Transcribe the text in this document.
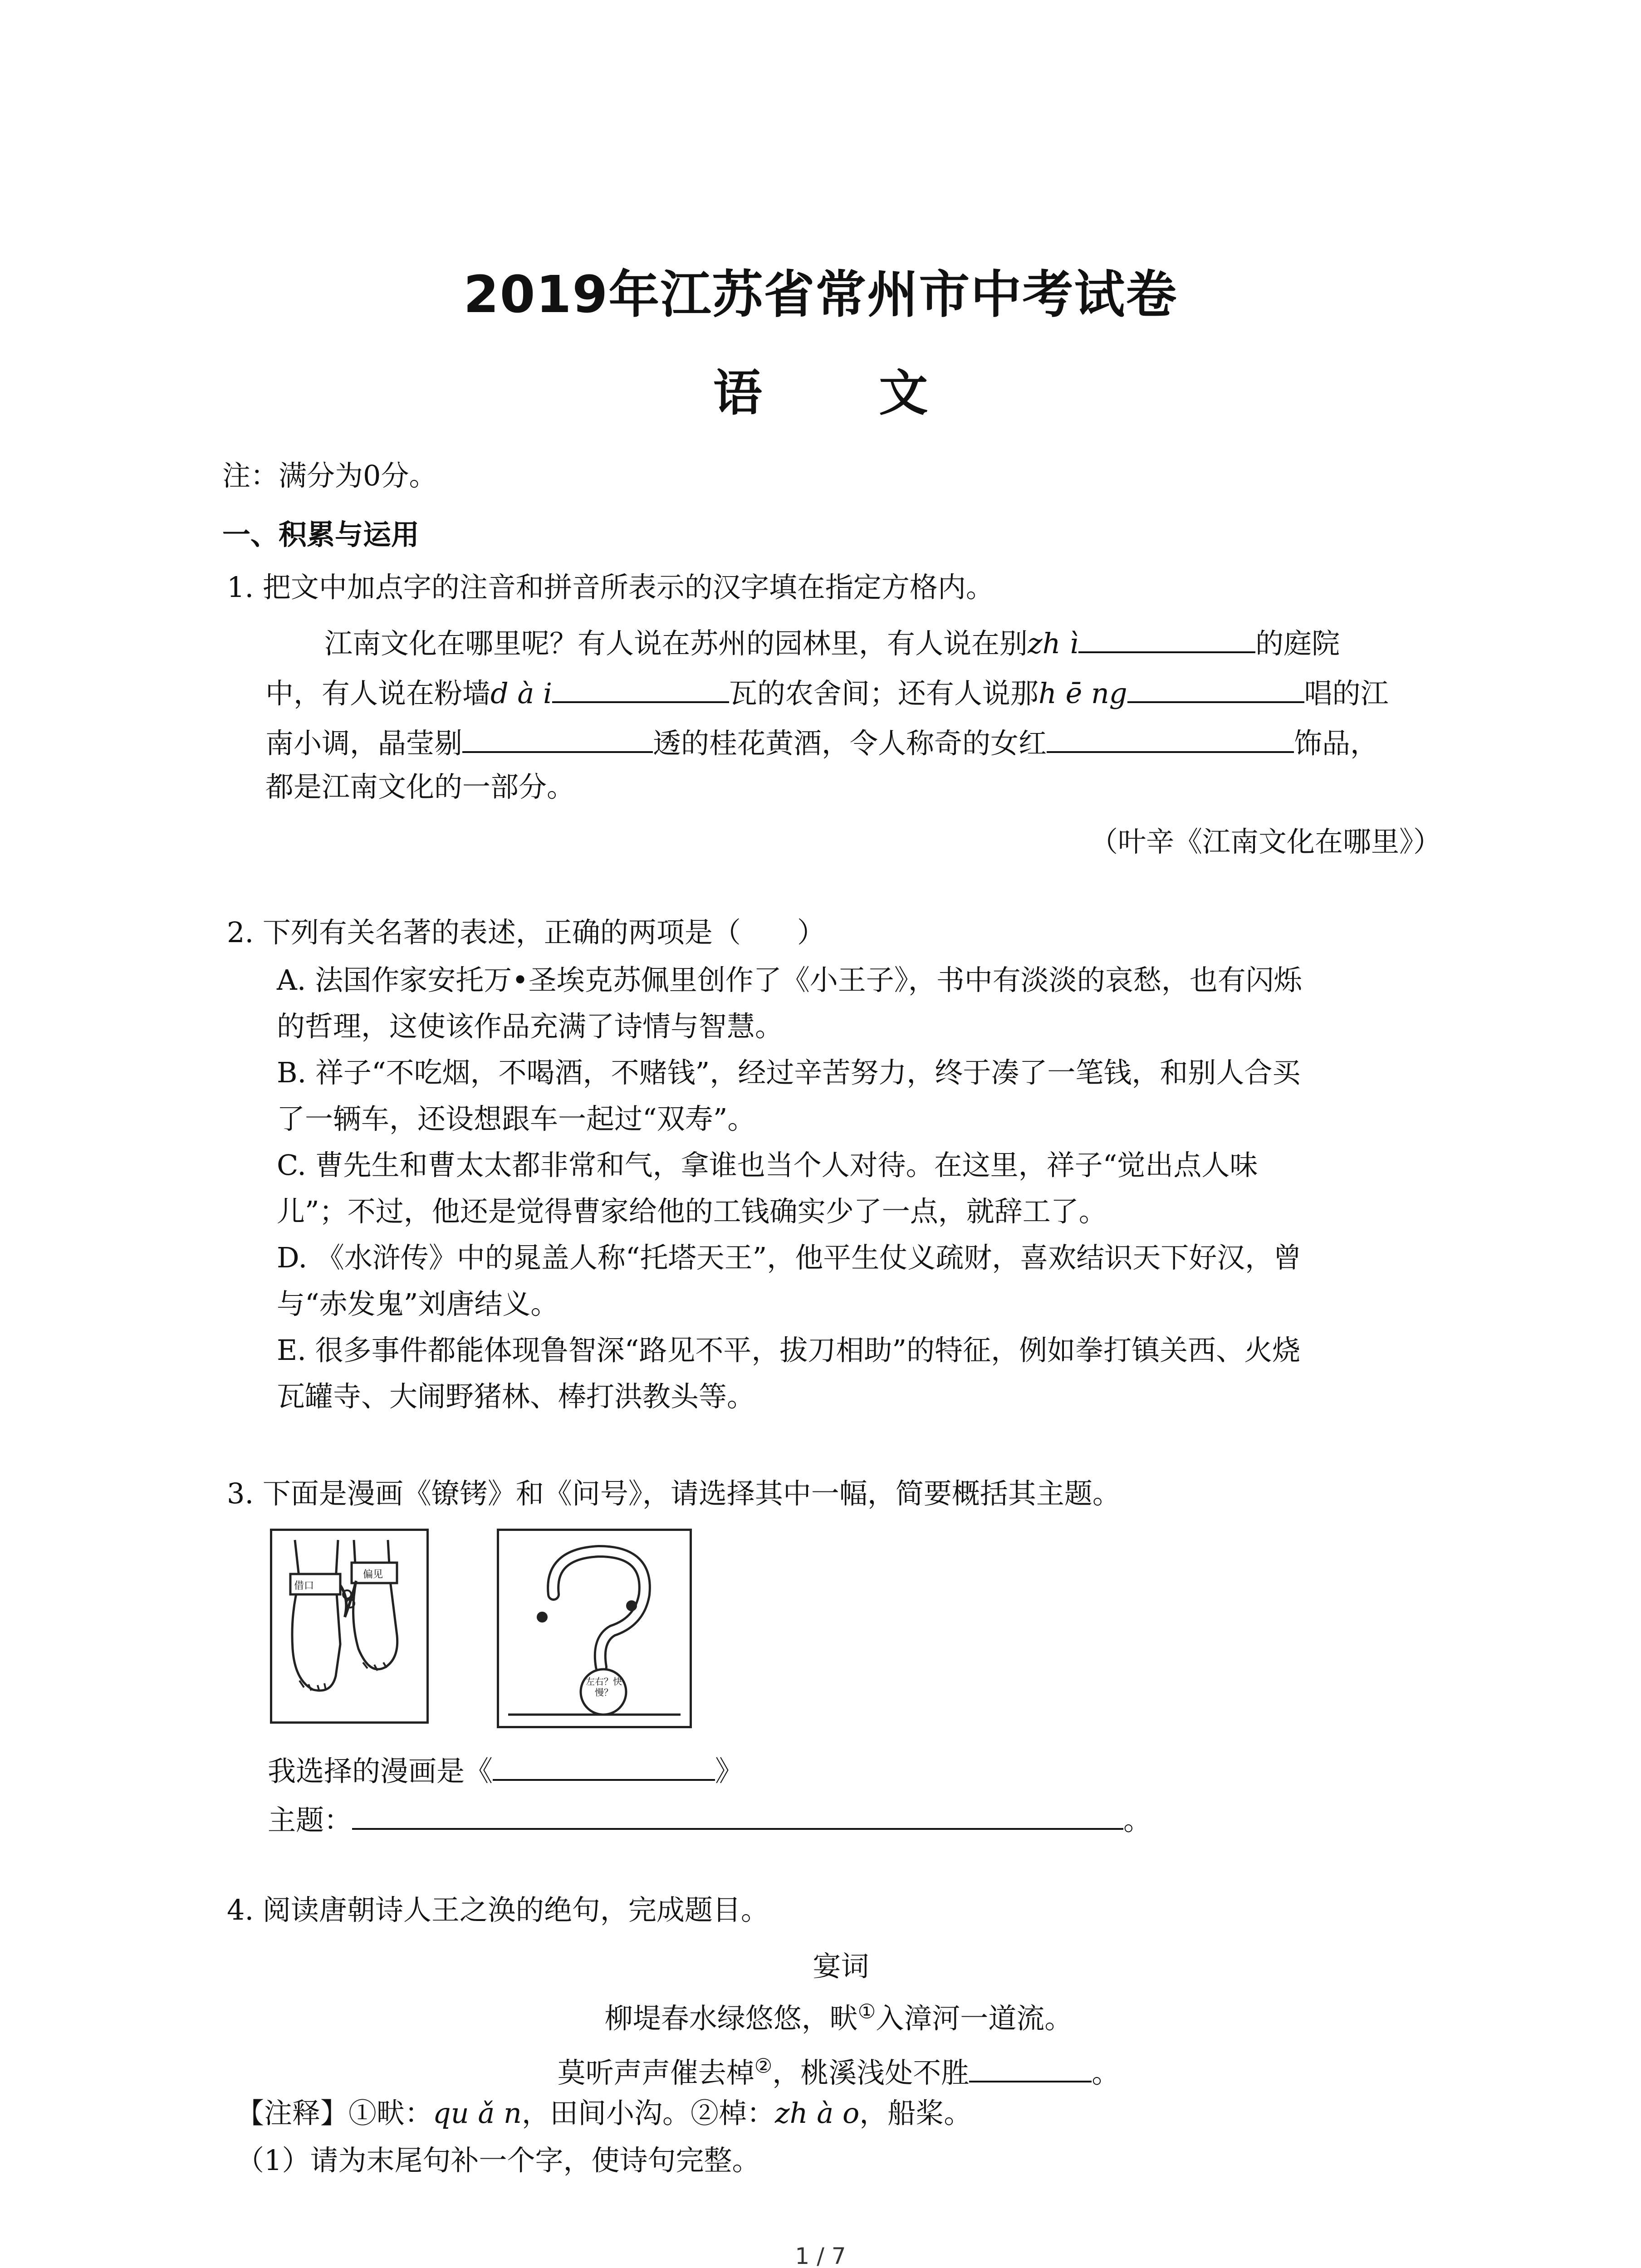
2019年江苏省常州市中考试卷
语 文
注：满分为0分。
一、积累与运用
1. 把文中加点字的注音和拼音所表示的汉字填在指定方格内。
江南文化在哪里呢？有人说在苏州的园林里，有人说在别zh ì	的庭院
中，有人说在粉墙d à i	瓦的农舍间；还有人说那h ē ng	唱的江
南小调，晶莹剔	透的桂花黄酒，令人称奇的女红	饰品，
都是江南文化的一部分。
（叶辛《江南文化在哪里》）
2. 下列有关名著的表述，正确的两项是（　　）
A. 法国作家安托万•圣埃克苏佩里创作了《小王子》，书中有淡淡的哀愁，也有闪烁
的哲理，这使该作品充满了诗情与智慧。
B. 祥子“不吃烟，不喝酒，不赌钱”，经过辛苦努力，终于凑了一笔钱，和别人合买
了一辆车，还设想跟车一起过“双寿”。
C. 曹先生和曹太太都非常和气，拿谁也当个人对待。在这里，祥子“觉出点人味
儿”；不过，他还是觉得曹家给他的工钱确实少了一点，就辞工了。
D. 《水浒传》中的晁盖人称“托塔天王”，他平生仗义疏财，喜欢结识天下好汉，曾
与“赤发鬼”刘唐结义。
E. 很多事件都能体现鲁智深“路见不平，拔刀相助”的特征，例如拳打镇关西、火烧
瓦罐寺、大闹野猪林、棒打洪教头等。
3. 下面是漫画《镣铐》和《问号》，请选择其中一幅，简要概括其主题。
借口
偏见
左右？快慢？
我选择的漫画是《	》
主题：	。
4. 阅读唐朝诗人王之涣的绝句，完成题目。
宴词
柳堤春水绿悠悠，畎①入漳河一道流。
莫听声声催去棹②，桃溪浅处不胜	。
【注释】①畎：qu ǎ n，田间小沟。②棹：zh à o，船桨。
（1）请为末尾句补一个字，使诗句完整。
1 / 7
